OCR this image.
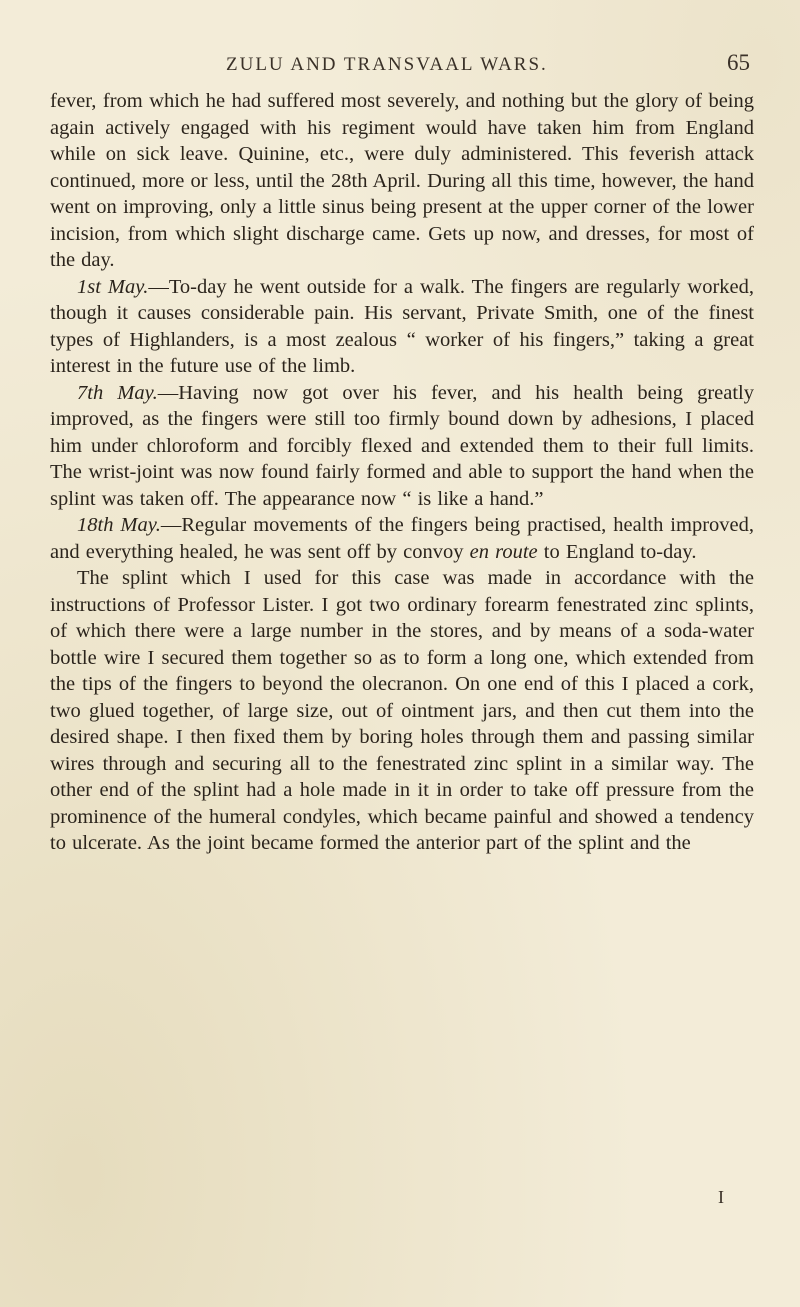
ZULU AND TRANSVAAL WARS.	65

fever, from which he had suffered most severely, and nothing but the glory of being again actively engaged with his regiment would have taken him from England while on sick leave. Quinine, etc., were duly administered. This feverish attack continued, more or less, until the 28th April. During all this time, however, the hand went on improving, only a little sinus being present at the upper corner of the lower incision, from which slight discharge came. Gets up now, and dresses, for most of the day.

1st May.—To-day he went outside for a walk. The fingers are regularly worked, though it causes considerable pain. His servant, Private Smith, one of the finest types of Highlanders, is a most zealous “ worker of his fingers,” taking a great interest in the future use of the limb.

7th May.—Having now got over his fever, and his health being greatly improved, as the fingers were still too firmly bound down by adhesions, I placed him under chloroform and forcibly flexed and extended them to their full limits. The wrist-joint was now found fairly formed and able to support the hand when the splint was taken off. The appearance now “ is like a hand.”

18th May.—Regular movements of the fingers being practised, health improved, and everything healed, he was sent off by convoy en route to England to-day.

The splint which I used for this case was made in accordance with the instructions of Professor Lister. I got two ordinary forearm fenestrated zinc splints, of which there were a large number in the stores, and by means of a soda-water bottle wire I secured them together so as to form a long one, which extended from the tips of the fingers to beyond the olecranon. On one end of this I placed a cork, two glued together, of large size, out of ointment jars, and then cut them into the desired shape. I then fixed them by boring holes through them and passing similar wires through and securing all to the fenestrated zinc splint in a similar way. The other end of the splint had a hole made in it in order to take off pressure from the prominence of the humeral condyles, which became painful and showed a tendency to ulcerate. As the joint became formed the anterior part of the splint and the

I
